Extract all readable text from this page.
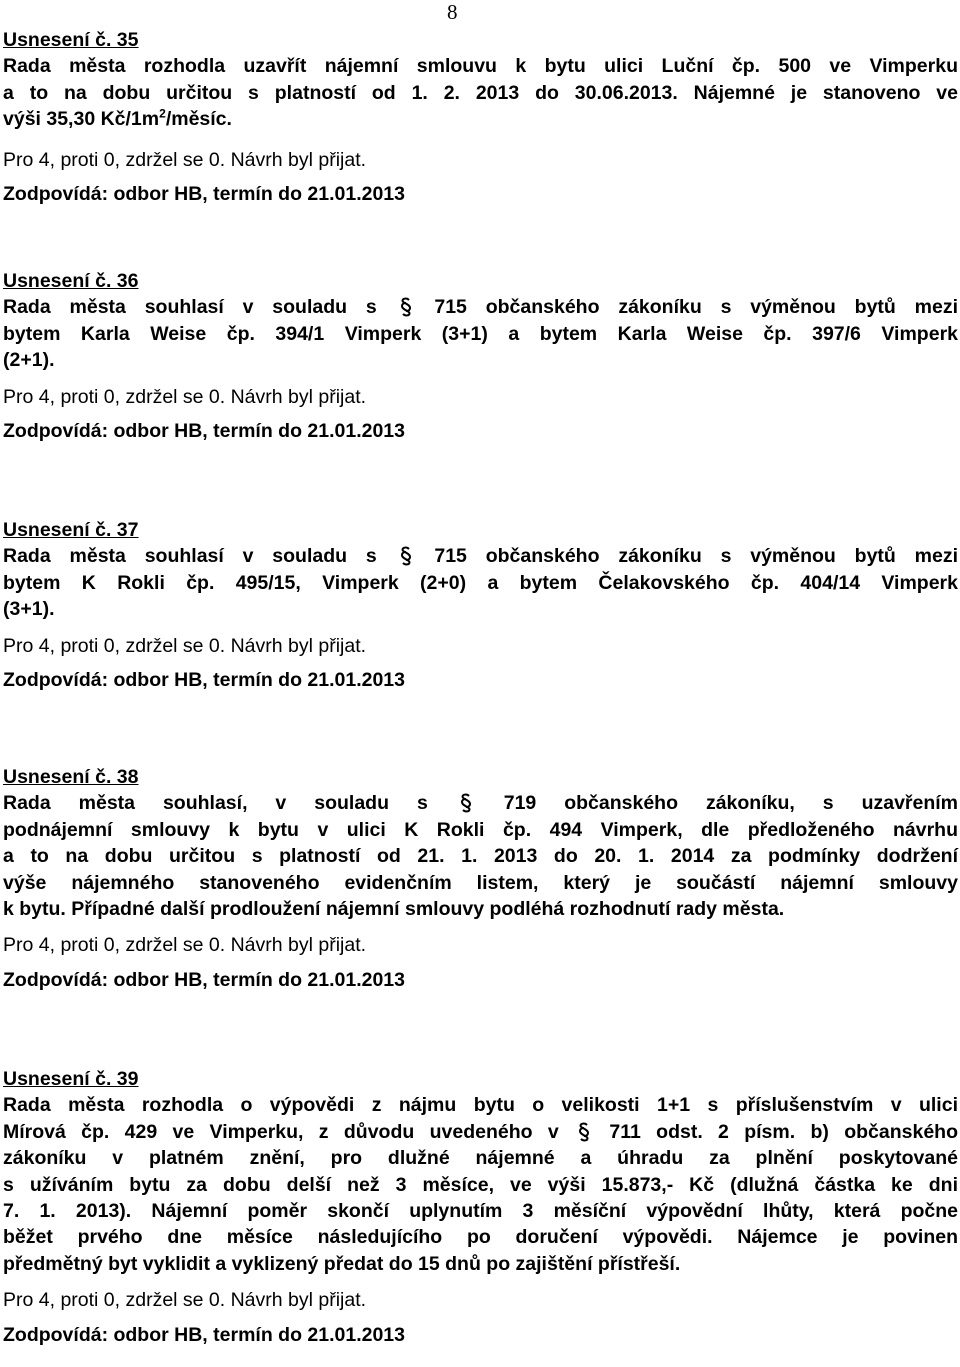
8
Usnesení č. 35
Rada města rozhodla uzavřít nájemní smlouvu k bytu ulici Luční čp. 500 ve Vimperku
a to na dobu určitou s platností od 1. 2. 2013 do 30.06.2013. Nájemné je stanoveno ve
výši 35,30 $Kč/1m^2$/měsíc.
Pro 4, proti 0, zdržel se 0. Návrh byl přijat.
Zodpovídá: odbor HB, termín do 21.01.2013
Usnesení č. 36
Rada města souhlasí v souladu s	715 občanského zákoníku s výměnou bytů mezi
bytem Karla Weise čp. 394/1 Vimperk (3+1) a bytem Karla Weise čp. 397/6 Vimperk
(2+1).
Pro 4, proti 0, zdržel se 0. Návrh byl přijat.
Zodpovídá: odbor HB, termín do 21.01.2013
Usnesení č. 37
Rada města souhlasí v souladu s	715 občanského zákoníku s výměnou bytů mezi
bytem K Rokli čp. 495/15, Vimperk (2+0) a bytem Čelakovského čp. 404/14 Vimperk
(3+1).
Pro 4, proti 0, zdržel se 0. Návrh byl přijat.
Zodpovídá: odbor HB, termín do 21.01.2013
Usnesení č. 38
Rada města souhlasí, v souladu s	719 občanského zákoníku, s uzavřením
podnájemní smlouvy k bytu v ulici K Rokli čp. 494 Vimperk, dle předloženého návrhu
a to na dobu určitou s platností od 21. 1. 2013 do 20. 1. 2014 za podmínky dodržení
výše nájemného stanoveného evidenčním listem, který je součástí nájemní smlouvy
k bytu. Případné další prodloužení nájemní smlouvy podléhá rozhodnutí rady města.
Pro 4, proti 0, zdržel se 0. Návrh byl přijat.
Zodpovídá: odbor HB, termín do 21.01.2013
Usnesení č. 39
Rada města rozhodla o výpovědi z nájmu bytu o velikosti 1+1 s příslušenstvím v ulici
Mírová čp. 429 ve Vimperku, z důvodu uvedeného v	711 odst. 2 písm. b) občanského
zákoníku v platném znění, pro dlužné nájemné a úhradu za plnění poskytované
s užíváním bytu za dobu delší než 3 měsíce, ve výši 15.873,- Kč (dlužná částka ke dni
7. 1. 2013). Nájemní poměr skončí uplynutím 3 měsíční výpovědní lhůty, která počne
běžet prvého dne měsíce následujícího po doručení výpovědi. Nájemce je povinen
předmětný byt vyklidit a vyklizený předat do 15 dnů po zajištění přístřeší.
Pro 4, proti 0, zdržel se 0. Návrh byl přijat.
Zodpovídá: odbor HB, termín do 21.01.2013
